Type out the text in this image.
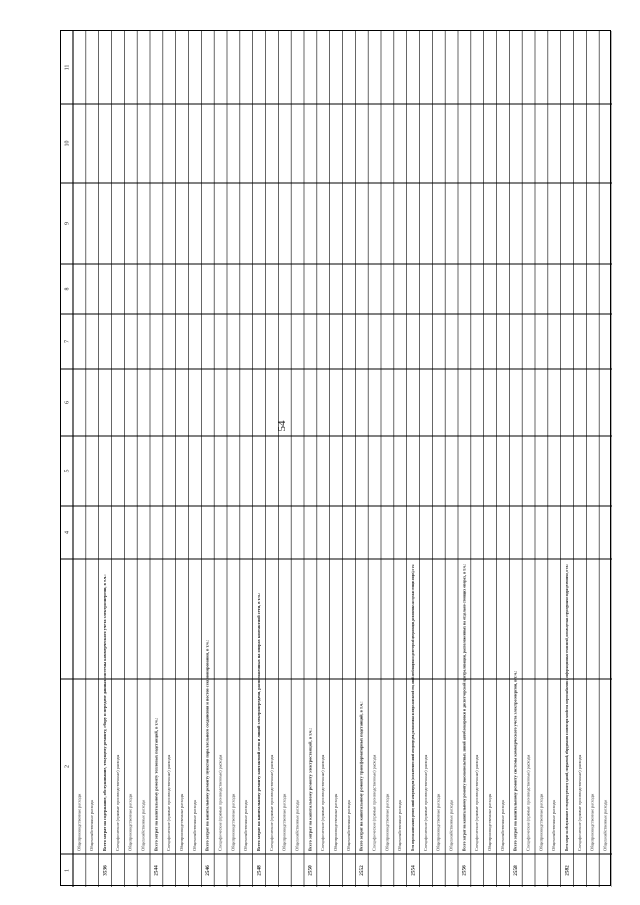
54
11
10
9
8
7
6
5
4
2
1
Общепроизводственные расходы Общехозяйственные расходы
3536
Всего затрат на содержание, обслуживание, текущему ремонту, сбору и передаче данных системы коммерческого учета электроэнергии, в т.ч.: Специфические (прямые производственные) расходы Общепроизводственные расходы Общехозяйственные расходы
2544
Всего затрат на капитальному ремонту тепловых подстанций, в т.ч.: Специфические (прямые производственные) расходы Общепроизводственные расходы Общехозяйственные расходы
2546
Всего затрат на капитальному ремонту пунктов параллельного соединения и постов секционирования, в т.ч.: Специфические (прямые производственные) расходы Общепроизводственные расходы Общехозяйственные расходы
2548
Всего затрат на капитальному ремонту контактной сети и линий электропередачи, расположенных на опорах контактной сети, в т.ч.: Специфические (прямые производственные) расходы Общепроизводственные расходы Общехозяйственные расходы
2550
Всего затрат на капитальному ремонту электростанций, в т.ч.: Специфические (прямые производственные) расходы Общепроизводственные расходы Общехозяйственные расходы
2552
Всего затрат на капитальному ремонту трансформаторных подстанций, в т.ч.: Специфические (прямые производственные) расходы Общепроизводственные расходы Общехозяйственные расходы
2554
Всего затрат на капитальному ремонту линий электропередачи (за исключением линий электропередачи, расположенных на опорах контактной сети, линий автоблокировки и диспетчерской централизации, распложенных на отдельно стоящих опорах), в т.ч.: Специфические (прямые производственные) расходы Общепроизводственные расходы Общехозяйственные расходы
2556
Всего затрат на капитальному ремонту высоковольтных линий автоблокировки и диспетчерской централизации, расположенных на отдельно стоящих опорах, в т.ч.: Специфические (прямые производственные) расходы Общепроизводственные расходы Общехозяйственные расходы
2558
Всего затрат на капитальному ремонту системы коммерческого учета электроэнергии, в т.ч.: Специфические (прямые производственные) расходы Общепроизводственные расходы Общехозяйственные расходы
2582
Всего затрат на обслуживание и текущему ремонту зданий, сооружений, оборудования и инвентаря хозяйства энергоснабжения и информационных технологий, используемых структурными подразделениями, в т.ч.: Специфические (прямые производственные) расходы Общепроизводственные расходы Общехозяйственные расходы
